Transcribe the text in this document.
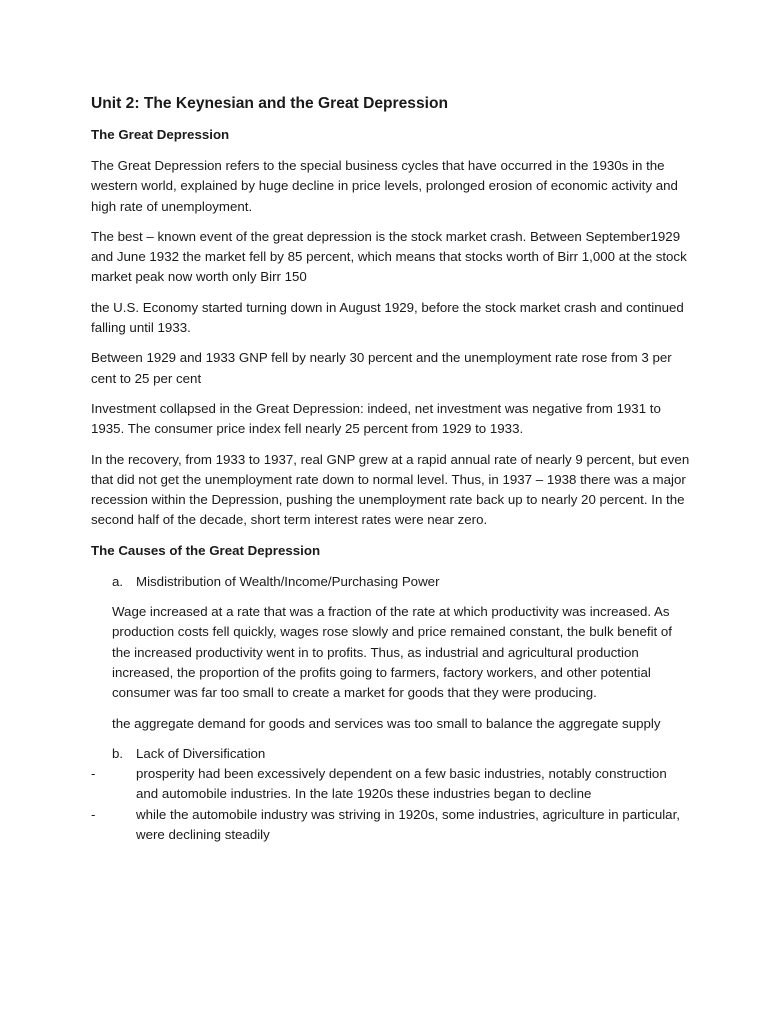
Unit 2: The Keynesian and the Great Depression
The Great Depression

The Great Depression refers to the special business cycles that have occurred in the 1930s in the western world, explained by huge decline in price levels, prolonged erosion of economic activity and high rate of unemployment.

The best – known event of the great depression is the stock market crash. Between September1929 and June 1932 the market fell by 85 percent, which means that stocks worth of Birr 1,000 at the stock market peak now worth only Birr 150

the U.S. Economy started turning down in August 1929, before the stock market crash and continued falling until 1933.

Between 1929 and 1933 GNP fell by nearly 30 percent and the unemployment rate rose from 3 per cent to 25 per cent

Investment collapsed in the Great Depression: indeed, net investment was negative from 1931 to 1935. The consumer price index fell nearly 25 percent from 1929 to 1933.

In the recovery, from 1933 to 1937, real GNP grew at a rapid annual rate of nearly 9 percent, but even that did not get the unemployment rate down to normal level. Thus, in 1937 – 1938 there was a major recession within the Depression, pushing the unemployment rate back up to nearly 20 percent. In the second half of the decade, short term interest rates were near zero.

The Causes of the Great Depression
a. Misdistribution of Wealth/Income/Purchasing Power

Wage increased at a rate that was a fraction of the rate at which productivity was increased. As production costs fell quickly, wages rose slowly and price remained constant, the bulk benefit of the increased productivity went in to profits. Thus, as industrial and agricultural production increased, the proportion of the profits going to farmers, factory workers, and other potential consumer was far too small to create a market for goods that they were producing.

the aggregate demand for goods and services was too small to balance the aggregate supply

b. Lack of Diversification
-	prosperity had been excessively dependent on a few basic industries, notably construction and automobile industries. In the late 1920s these industries began to decline
-	while the automobile industry was striving in 1920s, some industries, agriculture in particular, were declining steadily
